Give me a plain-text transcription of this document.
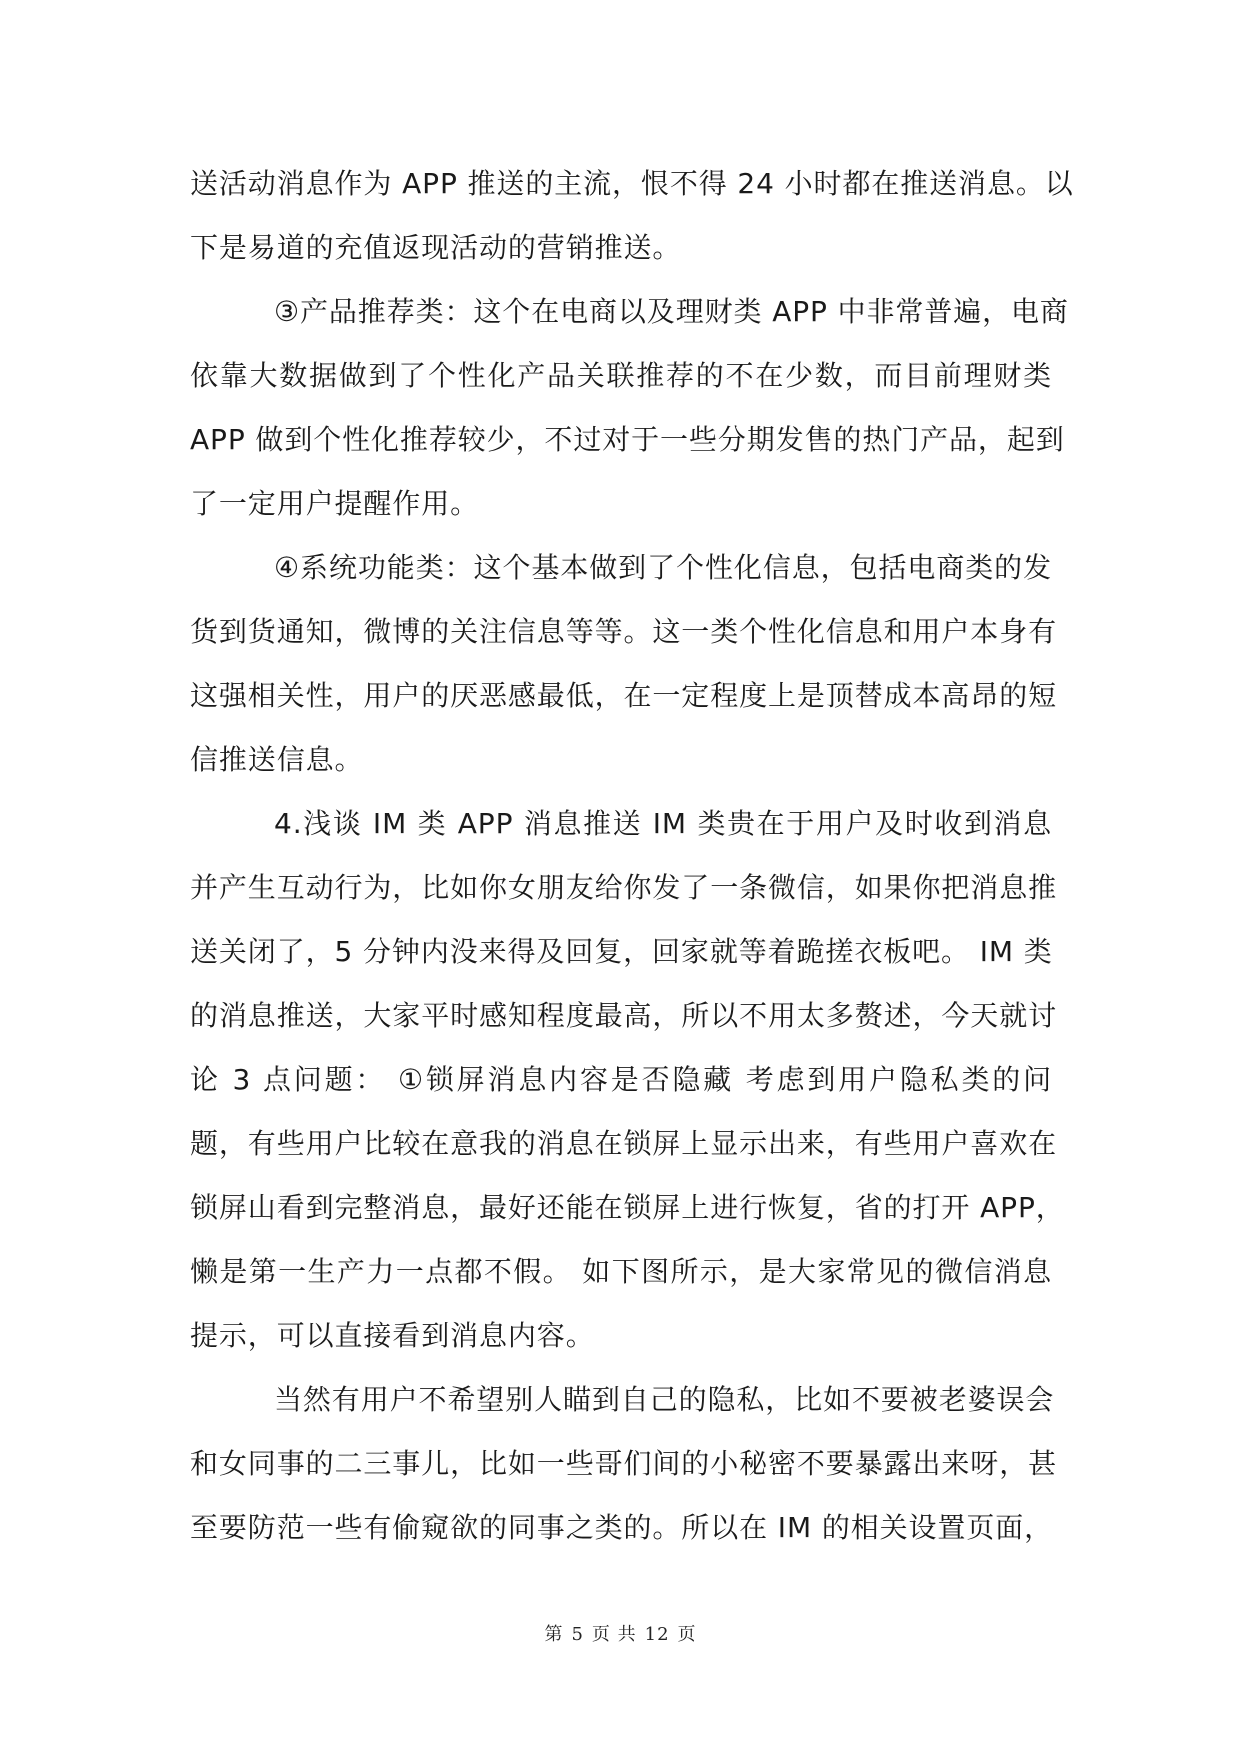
送活动消息作为 APP 推送的主流，恨不得 24 小时都在推送消息。以
下是易道的充值返现活动的营销推送。
③产品推荐类：这个在电商以及理财类 APP 中非常普遍，电商
依靠大数据做到了个性化产品关联推荐的不在少数，而目前理财类
APP 做到个性化推荐较少，不过对于一些分期发售的热门产品，起到
了一定用户提醒作用。
④系统功能类：这个基本做到了个性化信息，包括电商类的发
货到货通知，微博的关注信息等等。这一类个性化信息和用户本身有
这强相关性，用户的厌恶感最低，在一定程度上是顶替成本高昂的短
信推送信息。
4.浅谈 IM 类 APP 消息推送 IM 类贵在于用户及时收到消息
并产生互动行为，比如你女朋友给你发了一条微信，如果你把消息推
送关闭了，5 分钟内没来得及回复，回家就等着跪搓衣板吧。 IM 类
的消息推送，大家平时感知程度最高，所以不用太多赘述，今天就讨
论 3 点问题： ①锁屏消息内容是否隐藏 考虑到用户隐私类的问
题，有些用户比较在意我的消息在锁屏上显示出来，有些用户喜欢在
锁屏山看到完整消息，最好还能在锁屏上进行恢复，省的打开 APP，
懒是第一生产力一点都不假。 如下图所示，是大家常见的微信消息
提示，可以直接看到消息内容。
当然有用户不希望别人瞄到自己的隐私，比如不要被老婆误会
和女同事的二三事儿，比如一些哥们间的小秘密不要暴露出来呀，甚
至要防范一些有偷窥欲的同事之类的。所以在 IM 的相关设置页面，
第 5 页 共 12 页
